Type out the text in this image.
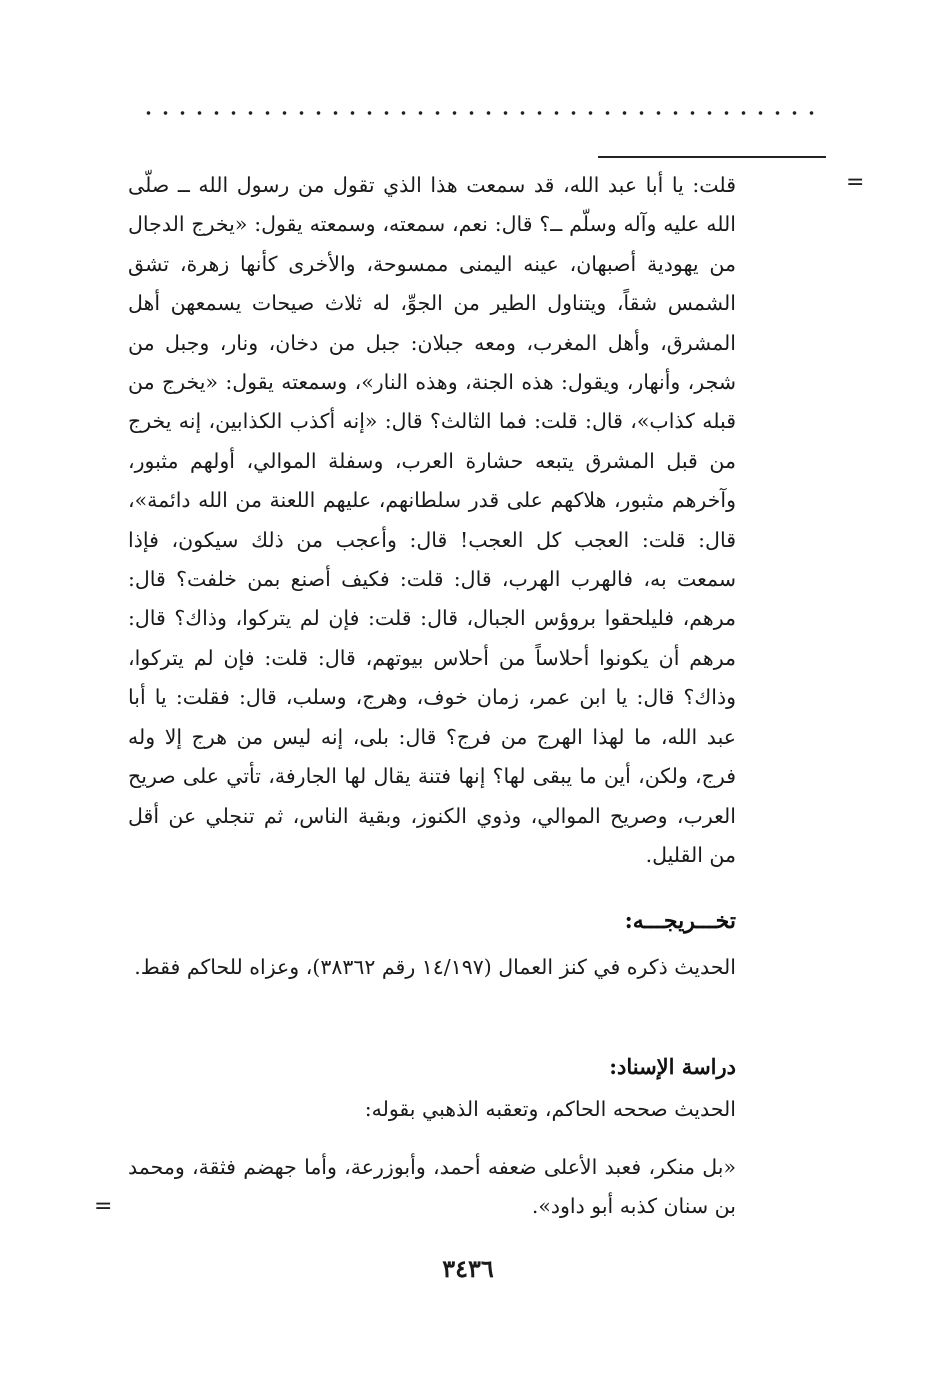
=

قلت: يا أبا عبد الله، قد سمعت هذا الذي تقول من رسول الله ــ صلّى الله عليه وآله وسلّم ــ؟ قال: نعم، سمعته، وسمعته يقول: «يخرج الدجال من يهودية أصبهان، عينه اليمنى ممسوحة، والأخرى كأنها زهرة، تشق الشمس شقاً، ويتناول الطير من الجوِّ، له ثلاث صيحات يسمعهن أهل المشرق، وأهل المغرب، ومعه جبلان: جبل من دخان، ونار، وجبل من شجر، وأنهار، ويقول: هذه الجنة، وهذه النار»، وسمعته يقول: «يخرج من قبله كذاب»، قال: قلت: فما الثالث؟ قال: «إنه أكذب الكذابين، إنه يخرج من قبل المشرق يتبعه حشارة العرب، وسفلة الموالي، أولهم مثبور، وآخرهم مثبور، هلاكهم على قدر سلطانهم، عليهم اللعنة من الله دائمة»، قال: قلت: العجب كل العجب! قال: وأعجب من ذلك سيكون، فإذا سمعت به، فالهرب الهرب، قال: قلت: فكيف أصنع بمن خلفت؟ قال: مرهم، فليلحقوا بروؤس الجبال، قال: قلت: فإن لم يتركوا، وذاك؟ قال: مرهم أن يكونوا أحلاساً من أحلاس بيوتهم، قال: قلت: فإن لم يتركوا، وذاك؟ قال: يا ابن عمر، زمان خوف، وهرج، وسلب، قال: فقلت: يا أبا عبد الله، ما لهذا الهرج من فرج؟ قال: بلى، إنه ليس من هرج إلا وله فرج، ولكن، أين ما يبقى لها؟ إنها فتنة يقال لها الجارفة، تأتي على صريح العرب، وصريح الموالي، وذوي الكنوز، وبقية الناس، ثم تنجلي عن أقل من القليل.

تخـــريجـــه:

الحديث ذكره في كنز العمال (١٤/١٩٧ رقم ٣٨٣٦٢)، وعزاه للحاكم فقط.

دراسة الإسناد:

الحديث صححه الحاكم، وتعقبه الذهبي بقوله:

«بل منكر، فعبد الأعلى ضعفه أحمد، وأبوزرعة، وأما جهضم فثقة، ومحمد بن سنان كذبه أبو داود».

=
٣٤٣٦
